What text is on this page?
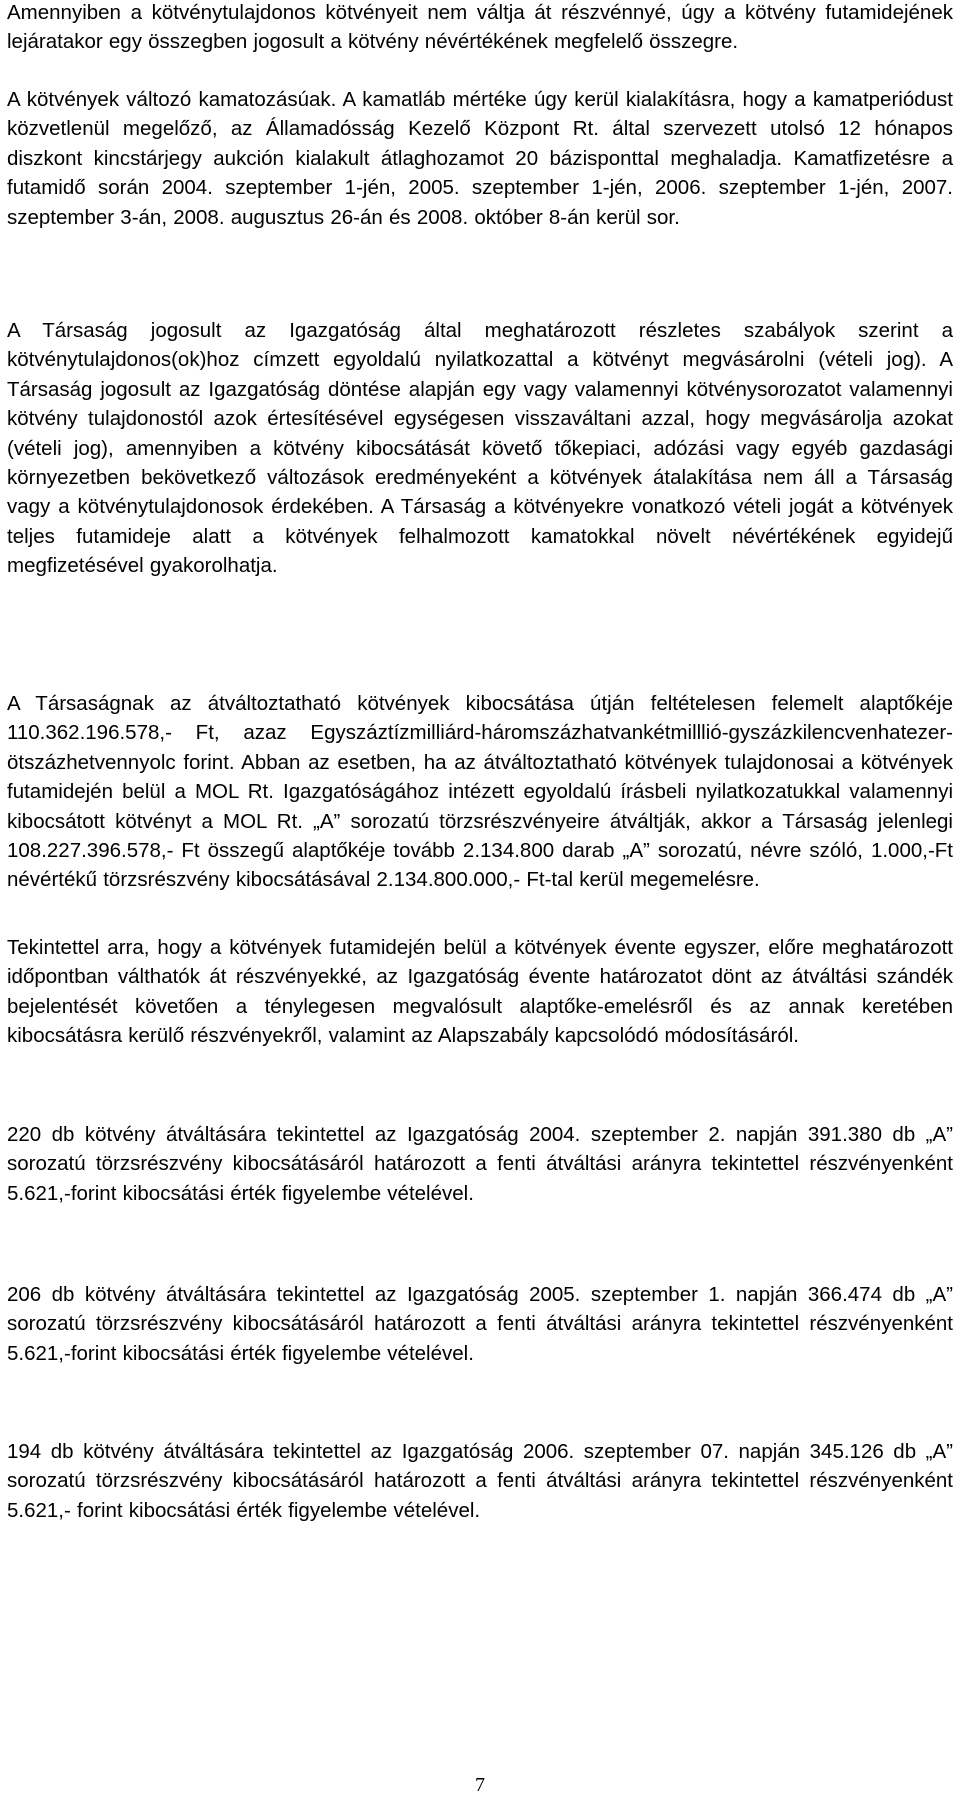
Amennyiben a kötvénytulajdonos kötvényeit nem váltja át részvénnyé, úgy a kötvény futamidejének lejáratakor egy összegben jogosult a kötvény névértékének megfelelő összegre.

A kötvények változó kamatozásúak. A kamatláb mértéke úgy kerül kialakításra, hogy a kamatperiódust közvetlenül megelőző, az Államadósság Kezelő Központ Rt. által szervezett utolsó 12 hónapos diszkont kincstárjegy aukción kialakult átlaghozamot 20 bázisponttal meghaladja. Kamatfizetésre a futamidő során 2004. szeptember 1-jén, 2005. szeptember 1-jén, 2006. szeptember 1-jén, 2007. szeptember 3-án, 2008. augusztus 26-án és 2008. október 8-án kerül sor.

A Társaság jogosult az Igazgatóság által meghatározott részletes szabályok szerint a kötvénytulajdonos(ok)hoz címzett egyoldalú nyilatkozattal a kötvényt megvásárolni (vételi jog). A Társaság jogosult az Igazgatóság döntése alapján egy vagy valamennyi kötvénysorozatot valamennyi kötvény tulajdonostól azok értesítésével egységesen visszaváltani azzal, hogy megvásárolja azokat (vételi jog), amennyiben a kötvény kibocsátását követő tőkepiaci, adózási vagy egyéb gazdasági környezetben bekövetkező változások eredményeként a kötvények átalakítása nem áll a Társaság vagy a kötvénytulajdonosok érdekében. A Társaság a kötvényekre vonatkozó vételi jogát a kötvények teljes futamideje alatt a kötvények felhalmozott kamatokkal növelt névértékének egyidejű megfizetésével gyakorolhatja.

A Társaságnak az átváltoztatható kötvények kibocsátása útján feltételesen felemelt alaptőkéje 110.362.196.578,- Ft, azaz Egyszáztízmilliárd-háromszázhatvankétmilllió-gyszázkilencvenhatezer-ötszázhetvennyolc forint. Abban az esetben, ha az átváltoztatható kötvények tulajdonosai a kötvények futamidején belül a MOL Rt. Igazgatóságához intézett egyoldalú írásbeli nyilatkozatukkal valamennyi kibocsátott kötvényt a MOL Rt. „A” sorozatú törzsrészvényeire átváltják, akkor a Társaság jelenlegi 108.227.396.578,- Ft összegű alaptőkéje tovább 2.134.800 darab „A” sorozatú, névre szóló, 1.000,-Ft névértékű törzsrészvény kibocsátásával 2.134.800.000,- Ft-tal kerül megemelésre.

Tekintettel arra, hogy a kötvények futamidején belül a kötvények évente egyszer, előre meghatározott időpontban válthatók át részvényekké, az Igazgatóság évente határozatot dönt az átváltási szándék bejelentését követően a ténylegesen megvalósult alaptőke-emelésről és az annak keretében kibocsátásra kerülő részvényekről, valamint az Alapszabály kapcsolódó módosításáról.

220 db kötvény átváltására tekintettel az Igazgatóság 2004. szeptember 2. napján 391.380 db „A” sorozatú törzsrészvény kibocsátásáról határozott a fenti átváltási arányra tekintettel részvényenként 5.621,-forint kibocsátási érték figyelembe vételével.

206 db kötvény átváltására tekintettel az Igazgatóság 2005. szeptember 1. napján 366.474 db „A” sorozatú törzsrészvény kibocsátásáról határozott a fenti átváltási arányra tekintettel részvényenként 5.621,-forint kibocsátási érték figyelembe vételével.

194 db kötvény átváltására tekintettel az Igazgatóság 2006. szeptember 07. napján 345.126 db „A” sorozatú törzsrészvény kibocsátásáról határozott a fenti átváltási arányra tekintettel részvényenként 5.621,- forint kibocsátási érték figyelembe vételével.

7
